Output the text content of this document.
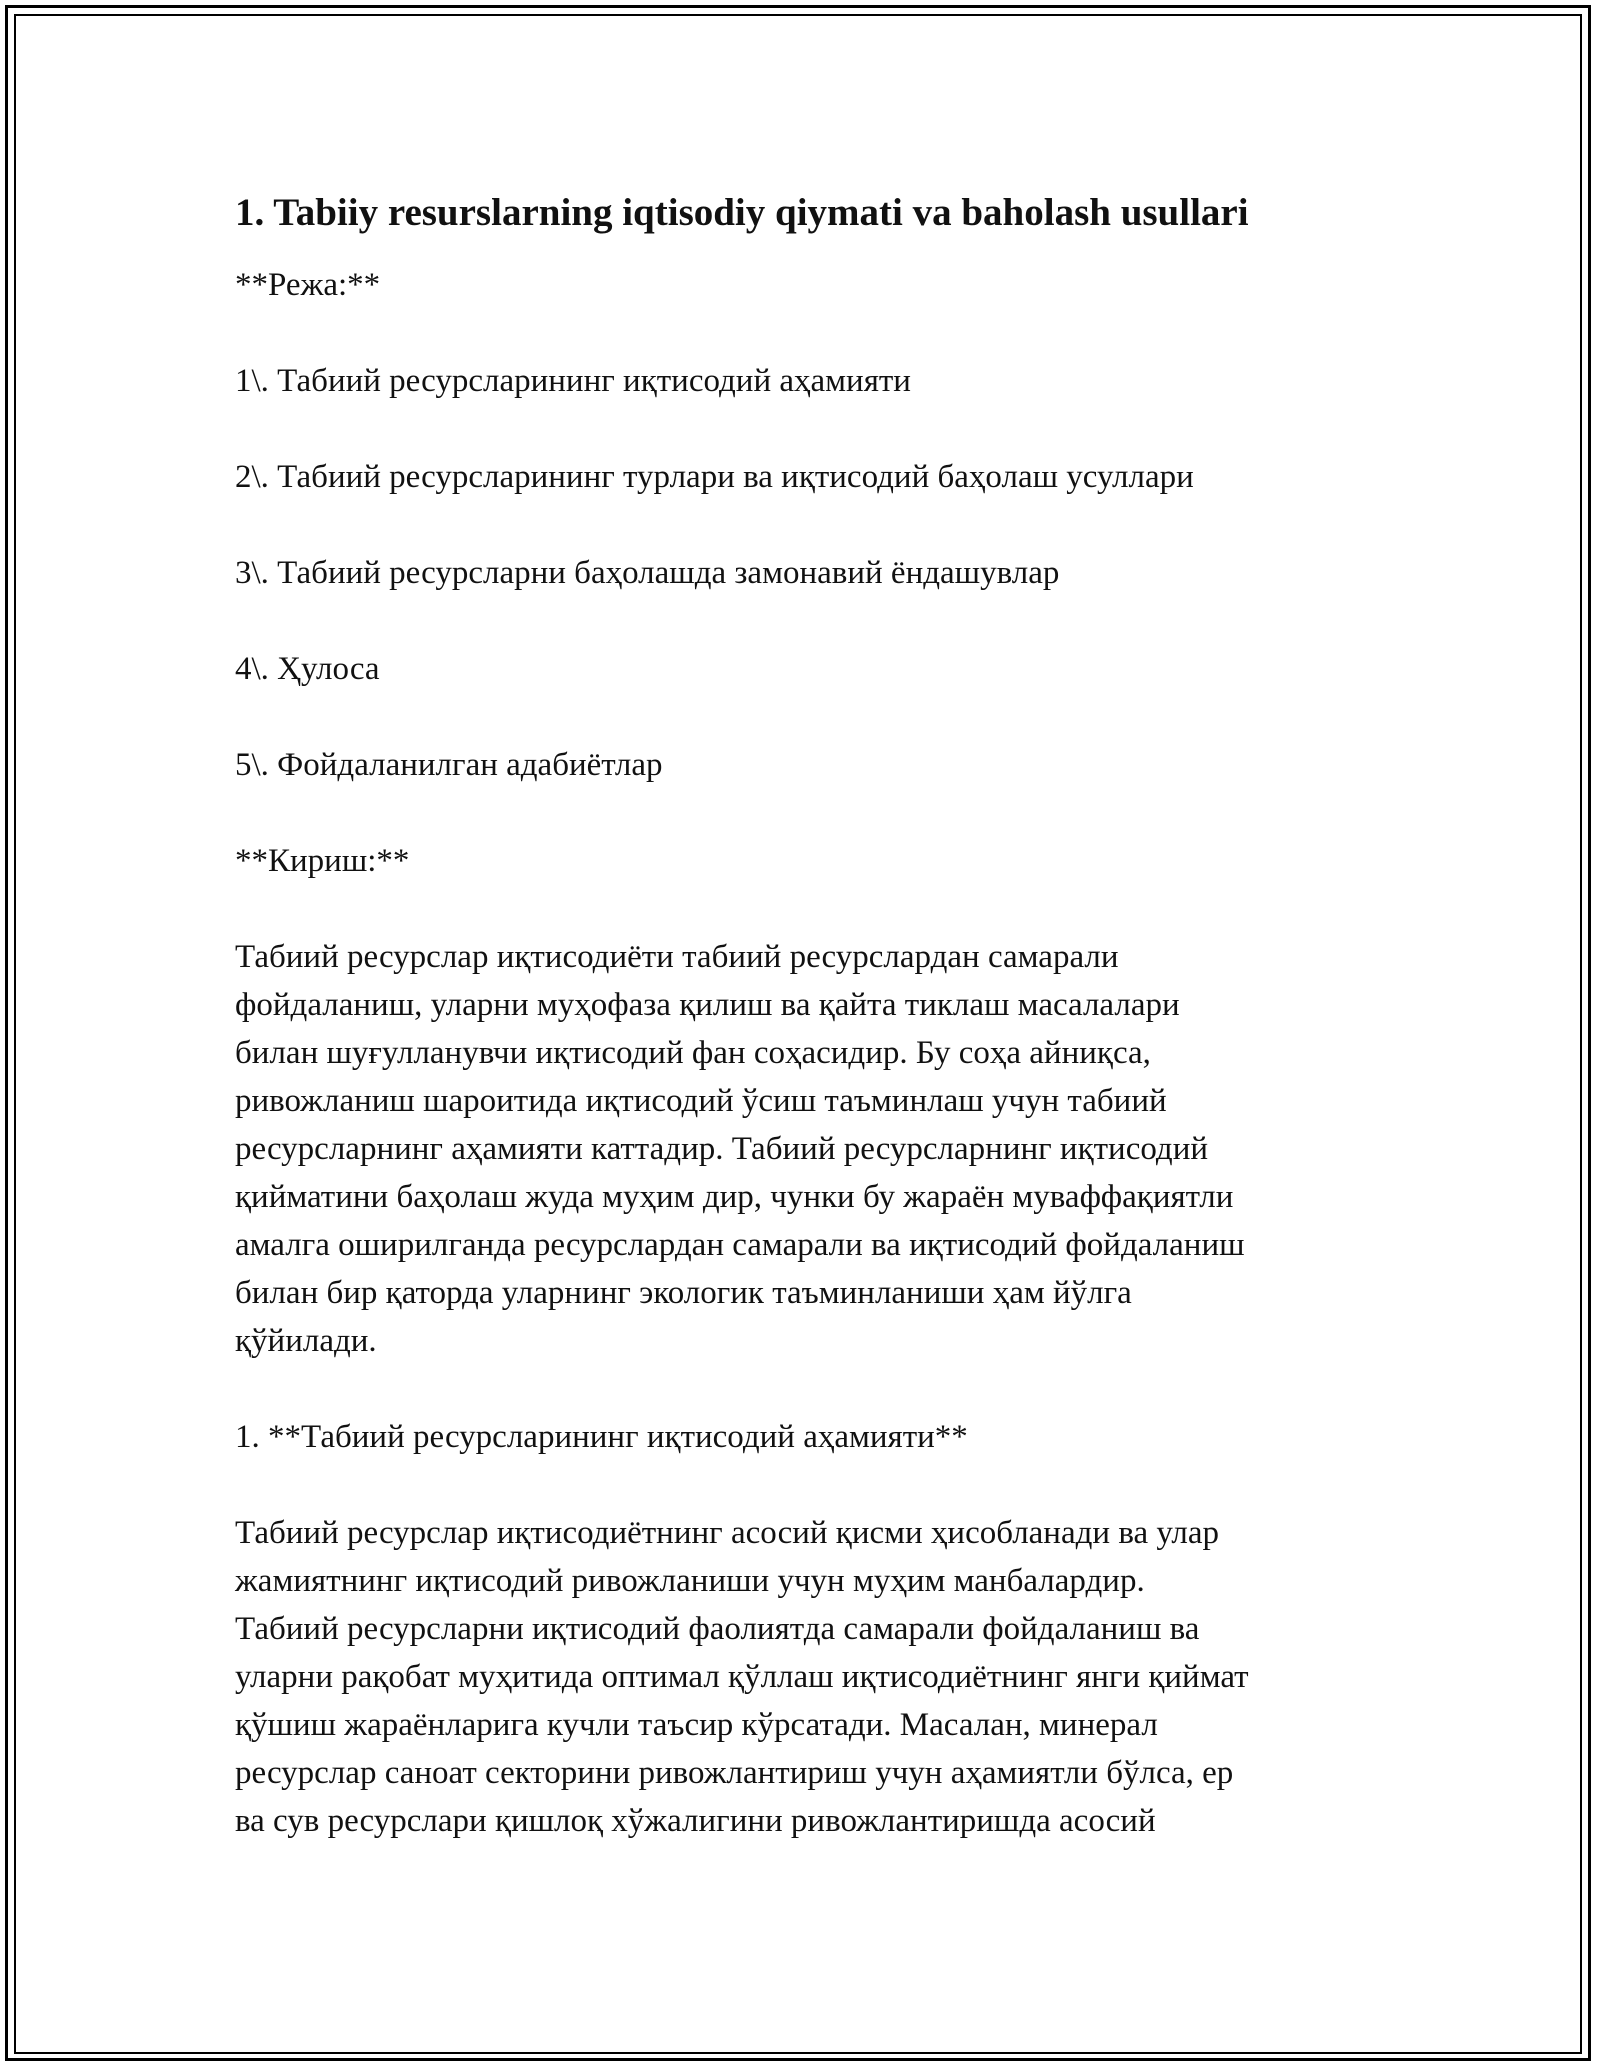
1. Tabiiy resurslarning iqtisodiy qiymati va baholash usullari

**Режа:**

1\. Табиий ресурсларининг иқтисодий аҳамияти

2\. Табиий ресурсларининг турлари ва иқтисодий баҳолаш усуллари

3\. Табиий ресурсларни баҳолашда замонавий ёндашувлар

4\. Ҳулоса

5\. Фойдаланилган адабиётлар

**Кириш:**

Табиий ресурслар иқтисодиёти табиий ресурслардан самарали
фойдаланиш, уларни муҳофаза қилиш ва қайта тиклаш масалалари
билан шуғулланувчи иқтисодий фан соҳасидир. Бу соҳа айниқса,
ривожланиш шароитида иқтисодий ўсиш таъминлаш учун табиий
ресурсларнинг аҳамияти каттадир. Табиий ресурсларнинг иқтисодий
қийматини баҳолаш жуда муҳим дир, чунки бу жараён муваффақиятли
амалга оширилганда ресурслардан самарали ва иқтисодий фойдаланиш
билан бир қаторда уларнинг экологик таъминланиши ҳам йўлга
қўйилади.

1. **Табиий ресурсларининг иқтисодий аҳамияти**

Табиий ресурслар иқтисодиётнинг асосий қисми ҳисобланади ва улар
жамиятнинг иқтисодий ривожланиши учун муҳим манбалардир.
Табиий ресурсларни иқтисодий фаолиятда самарали фойдаланиш ва
уларни рақобат муҳитида оптимал қўллаш иқтисодиётнинг янги қиймат
қўшиш жараёнларига кучли таъсир кўрсатади. Масалан, минерал
ресурслар саноат секторини ривожлантириш учун аҳамиятли бўлса, ер
ва сув ресурслари қишлоқ хўжалигини ривожлантиришда асосий
